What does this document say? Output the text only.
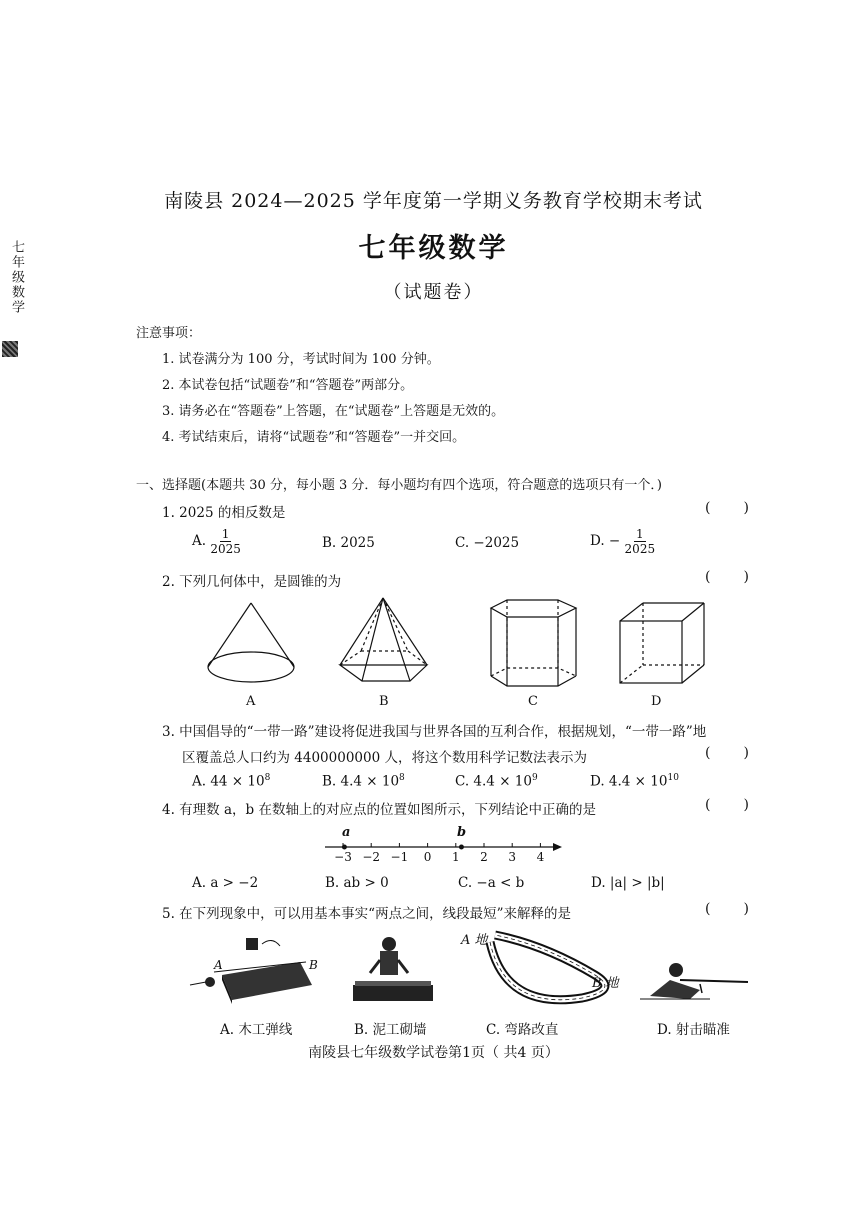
七年级数学
南陵县 2024—2025 学年度第一学期义务教育学校期末考试
七年级数学
（试题卷）
注意事项：
1. 试卷满分为 100 分，考试时间为 100 分钟。
2. 本试卷包括“试题卷”和“答题卷”两部分。
3. 请务必在“答题卷”上答题，在“试题卷”上答题是无效的。
4. 考试结束后，请将“试题卷”和“答题卷”一并交回。
一、选择题(本题共 30 分，每小题 3 分．每小题均有四个选项，符合题意的选项只有一个．)
1. 2025 的相反数是	( )
A. $\frac{1}{2025}$	B. 2025	C. −2025	D. − $\frac{1}{2025}$
2. 下列几何体中，是圆锥的为	( )
A	B	C	D
3. 中国倡导的“一带一路”建设将促进我国与世界各国的互利合作，根据规划，“一带一路”地
区覆盖总人口约为 4400000000 人，将这个数用科学记数法表示为	( )
A. $44 \times 10^8$	B. $4.4 \times 10^8$	C. $4.4 \times 10^9$	D. $4.4 \times 10^{10}$
4. 有理数 a，b 在数轴上的对应点的位置如图所示，下列结论中正确的是	( )
a	b
A. a > −2	B. ab > 0	C. −a < b	D. |a| > |b|
5. 在下列现象中，可以用基本事实“两点之间，线段最短”来解释的是	( )
A	B
A 地
B 地
A. 木工弹线	B. 泥工砌墙	C. 弯路改直	D. 射击瞄准
南陵县七年级数学试卷第1页（ 共4 页）
−3 −2 −1	0	1	2	3	4
